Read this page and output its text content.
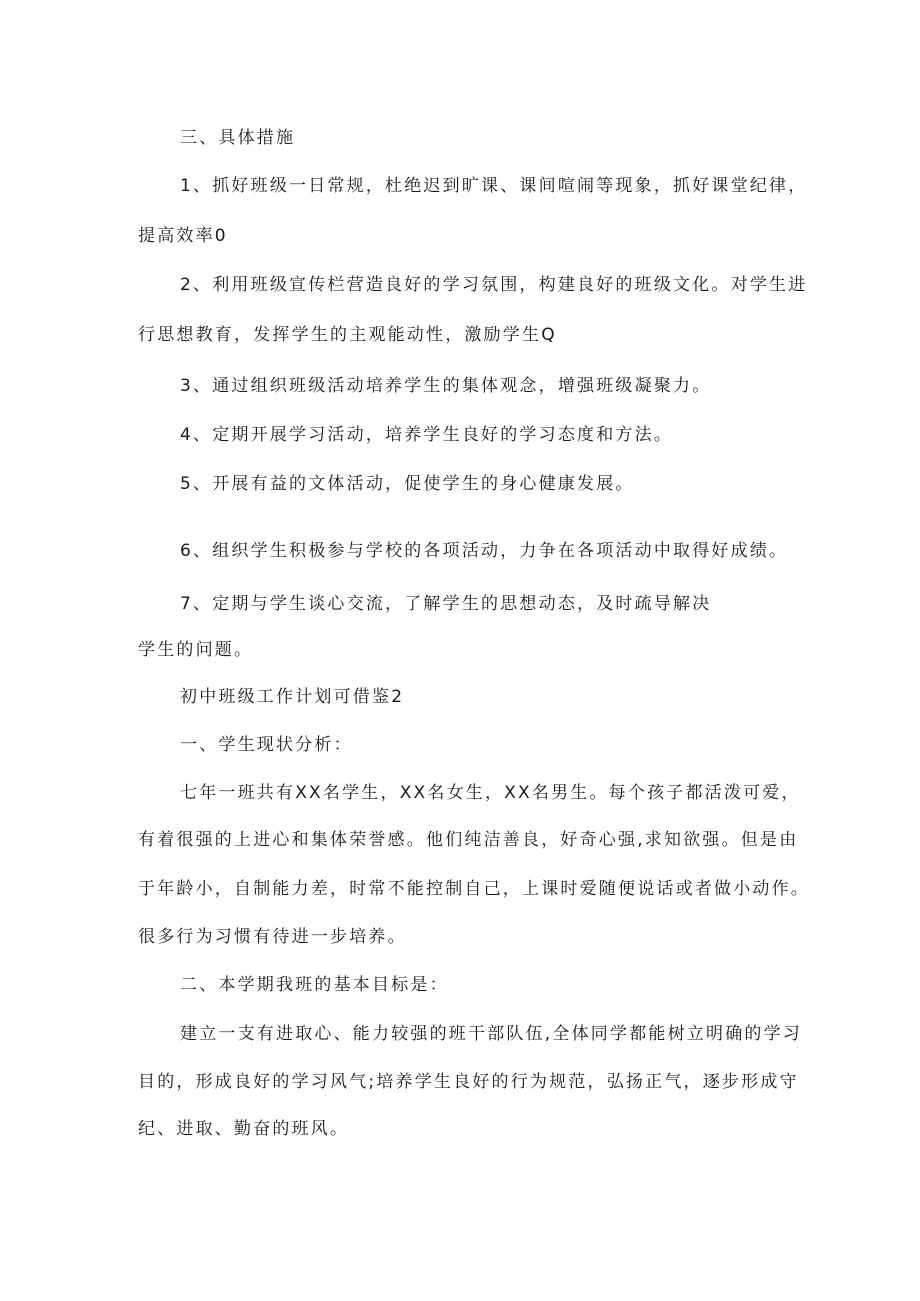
三、具体措施

1、抓好班级一日常规，杜绝迟到旷课、课间喧闹等现象，抓好课堂纪律，

提高效率0

2、利用班级宣传栏营造良好的学习氛围，构建良好的班级文化。对学生进

行思想教育，发挥学生的主观能动性，激励学生Q

3、通过组织班级活动培养学生的集体观念，增强班级凝聚力。

4、定期开展学习活动，培养学生良好的学习态度和方法。

5、开展有益的文体活动，促使学生的身心健康发展。

6、组织学生积极参与学校的各项活动，力争在各项活动中取得好成绩。

7、定期与学生谈心交流，了解学生的思想动态，及时疏导解决

学生的问题。

初中班级工作计划可借鉴2

一、学生现状分析：

七年一班共有XX名学生，XX名女生，XX名男生。每个孩子都活泼可爱，

有着很强的上进心和集体荣誉感。他们纯洁善良，好奇心强,求知欲强。但是由

于年龄小，自制能力差，时常不能控制自己，上课时爱随便说话或者做小动作。

很多行为习惯有待进一步培养。

二、本学期我班的基本目标是：

建立一支有进取心、能力较强的班干部队伍,全体同学都能树立明确的学习

目的，形成良好的学习风气;培养学生良好的行为规范，弘扬正气，逐步形成守

纪、进取、勤奋的班风。
